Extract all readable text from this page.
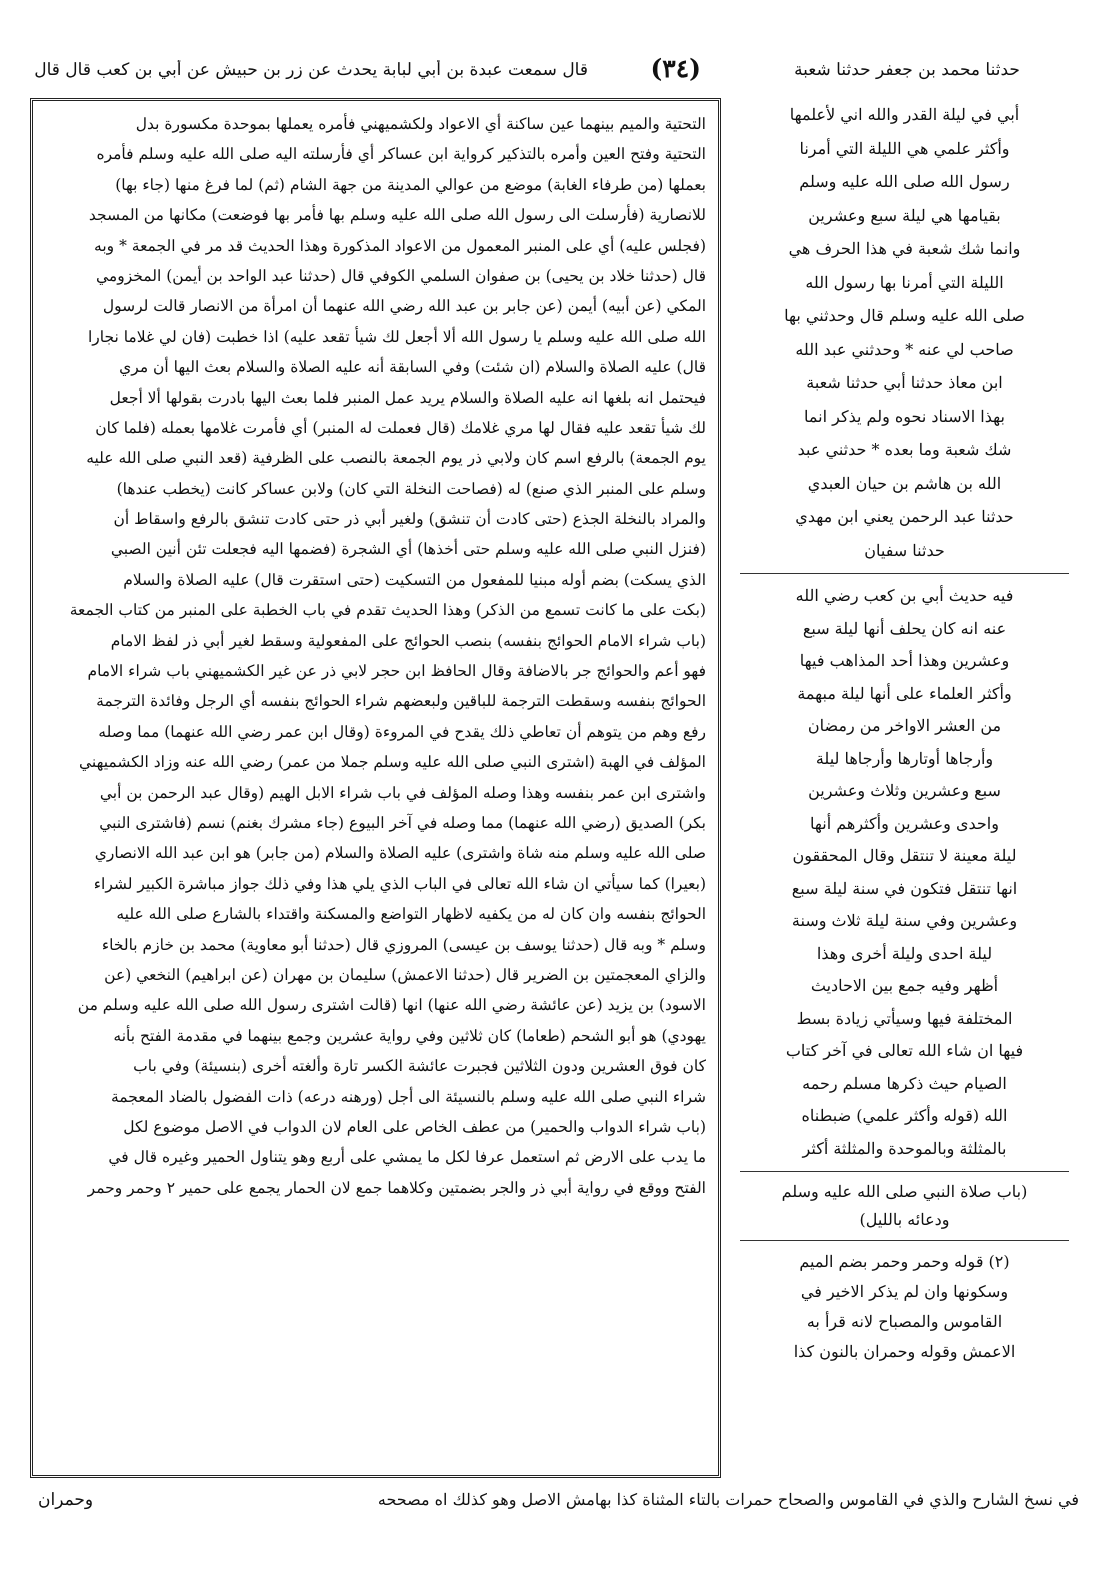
حدثنا محمد بن جعفر حدثنا شعبة
(٣٤)
قال سمعت عبدة بن أبي لبابة يحدث عن زر بن حبيش عن أبي بن كعب قال قال
التحتية والميم بينهما عين ساكنة أي الاعواد ولكشميهني فأمره يعملها بموحدة مكسورة بدل
التحتية وفتح العين وأمره بالتذكير كرواية ابن عساكر أي فأرسلته اليه صلى الله عليه وسلم فأمره
بعملها (من طرفاء الغابة) موضع من عوالي المدينة من جهة الشام (ثم) لما فرغ منها (جاء بها)
للانصارية (فأرسلت الى رسول الله صلى الله عليه وسلم بها فأمر بها فوضعت) مكانها من المسجد
(فجلس عليه) أي على المنبر المعمول من الاعواد المذكورة وهذا الحديث قد مر في الجمعة * وبه
قال (حدثنا خلاد بن يحيى) بن صفوان السلمي الكوفي قال (حدثنا عبد الواحد بن أيمن) المخزومي
المكي (عن أبيه) أيمن (عن جابر بن عبد الله رضي الله عنهما أن امرأة من الانصار قالت لرسول
الله صلى الله عليه وسلم يا رسول الله ألا أجعل لك شيأ تقعد عليه) اذا خطبت (فان لي غلاما نجارا
قال) عليه الصلاة والسلام (ان شئت) وفي السابقة أنه عليه الصلاة والسلام بعث اليها أن مري
فيحتمل انه بلغها انه عليه الصلاة والسلام يريد عمل المنبر فلما بعث اليها بادرت بقولها ألا أجعل
لك شيأ تقعد عليه فقال لها مري غلامك (قال فعملت له المنبر) أي فأمرت غلامها بعمله (فلما كان
يوم الجمعة) بالرفع اسم كان ولابي ذر يوم الجمعة بالنصب على الظرفية (قعد النبي صلى الله عليه
وسلم على المنبر الذي صنع) له (فصاحت النخلة التي كان) ولابن عساكر كانت (يخطب عندها)
والمراد بالنخلة الجذع (حتى كادت أن تنشق) ولغير أبي ذر حتى كادت تنشق بالرفع واسقاط أن
(فنزل النبي صلى الله عليه وسلم حتى أخذها) أي الشجرة (فضمها اليه فجعلت تئن أنين الصبي
الذي يسكت) بضم أوله مبنيا للمفعول من التسكيت (حتى استقرت قال) عليه الصلاة والسلام
(بكت على ما كانت تسمع من الذكر) وهذا الحديث تقدم في باب الخطبة على المنبر من كتاب الجمعة
(باب شراء الامام الحوائج بنفسه) بنصب الحوائج على المفعولية وسقط لغير أبي ذر لفظ الامام
فهو أعم والحوائج جر بالاضافة وقال الحافظ ابن حجر لابي ذر عن غير الكشميهني باب شراء الامام
الحوائج بنفسه وسقطت الترجمة للباقين ولبعضهم شراء الحوائج بنفسه أي الرجل وفائدة الترجمة
رفع وهم من يتوهم أن تعاطي ذلك يقدح في المروءة (وقال ابن عمر رضي الله عنهما) مما وصله
المؤلف في الهبة (اشترى النبي صلى الله عليه وسلم جملا من عمر) رضي الله عنه وزاد الكشميهني
واشترى ابن عمر بنفسه وهذا وصله المؤلف في باب شراء الابل الهيم (وقال عبد الرحمن بن أبي
بكر) الصديق (رضي الله عنهما) مما وصله في آخر البيوع (جاء مشرك بغنم) نسم (فاشترى النبي
صلى الله عليه وسلم منه شاة واشترى) عليه الصلاة والسلام (من جابر) هو ابن عبد الله الانصاري
(بعيرا) كما سيأتي ان شاء الله تعالى في الباب الذي يلي هذا وفي ذلك جواز مباشرة الكبير لشراء
الحوائج بنفسه وان كان له من يكفيه لاظهار التواضع والمسكنة واقتداء بالشارع صلى الله عليه
وسلم * وبه قال (حدثنا يوسف بن عيسى) المروزي قال (حدثنا أبو معاوية) محمد بن خازم بالخاء
والزاي المعجمتين بن الضرير قال (حدثنا الاعمش) سليمان بن مهران (عن ابراهيم) النخعي (عن
الاسود) بن يزيد (عن عائشة رضي الله عنها) انها (قالت اشترى رسول الله صلى الله عليه وسلم من
يهودي) هو أبو الشحم (طعاما) كان ثلاثين وفي رواية عشرين وجمع بينهما في مقدمة الفتح بأنه
كان فوق العشرين ودون الثلاثين فجبرت عائشة الكسر تارة وألغته أخرى (بنسيئة) وفي باب
شراء النبي صلى الله عليه وسلم بالنسيئة الى أجل (ورهنه درعه) ذات الفضول بالضاد المعجمة
(باب شراء الدواب والحمير) من عطف الخاص على العام لان الدواب في الاصل موضوع لكل
ما يدب على الارض ثم استعمل عرفا لكل ما يمشي على أربع وهو يتناول الحمير وغيره قال في
الفتح ووقع في رواية أبي ذر والجر بضمتين وكلاهما جمع لان الحمار يجمع على حمير ٢ وحمر وحمر
أبي في ليلة القدر والله اني لأعلمها
وأكثر علمي هي الليلة التي أمرنا
رسول الله صلى الله عليه وسلم
بقيامها هي ليلة سبع وعشرين
وانما شك شعبة في هذا الحرف هي
الليلة التي أمرنا بها رسول الله
صلى الله عليه وسلم قال وحدثني بها
صاحب لي عنه * وحدثني عبد الله
ابن معاذ حدثنا أبي حدثنا شعبة
بهذا الاسناد نحوه ولم يذكر انما
شك شعبة وما بعده * حدثني عبد
الله بن هاشم بن حيان العبدي
حدثنا عبد الرحمن يعني ابن مهدي
حدثنا سفيان
فيه حديث أبي بن كعب رضي الله
عنه انه كان يحلف أنها ليلة سبع
وعشرين وهذا أحد المذاهب فيها
وأكثر العلماء على أنها ليلة مبهمة
من العشر الاواخر من رمضان
وأرجاها أوتارها وأرجاها ليلة
سبع وعشرين وثلاث وعشرين
واحدى وعشرين وأكثرهم أنها
ليلة معينة لا تنتقل وقال المحققون
انها تنتقل فتكون في سنة ليلة سبع
وعشرين وفي سنة ليلة ثلاث وسنة
ليلة احدى وليلة أخرى وهذا
أظهر وفيه جمع بين الاحاديث
المختلفة فيها وسيأتي زيادة بسط
فيها ان شاء الله تعالى في آخر كتاب
الصيام حيث ذكرها مسلم رحمه
الله (قوله وأكثر علمي) ضبطناه
بالمثلثة وبالموحدة والمثلثة أكثر
(باب صلاة النبي صلى الله عليه وسلم
ودعائه بالليل)
(٢) قوله وحمر وحمر بضم الميم
وسكونها وان لم يذكر الاخير في
القاموس والمصباح لانه قرأ به
الاعمش وقوله وحمران بالنون كذا
في نسخ الشارح والذي في القاموس والصحاح حمرات بالتاء المثناة كذا بهامش الاصل وهو كذلك اه مصححه
وحمران
